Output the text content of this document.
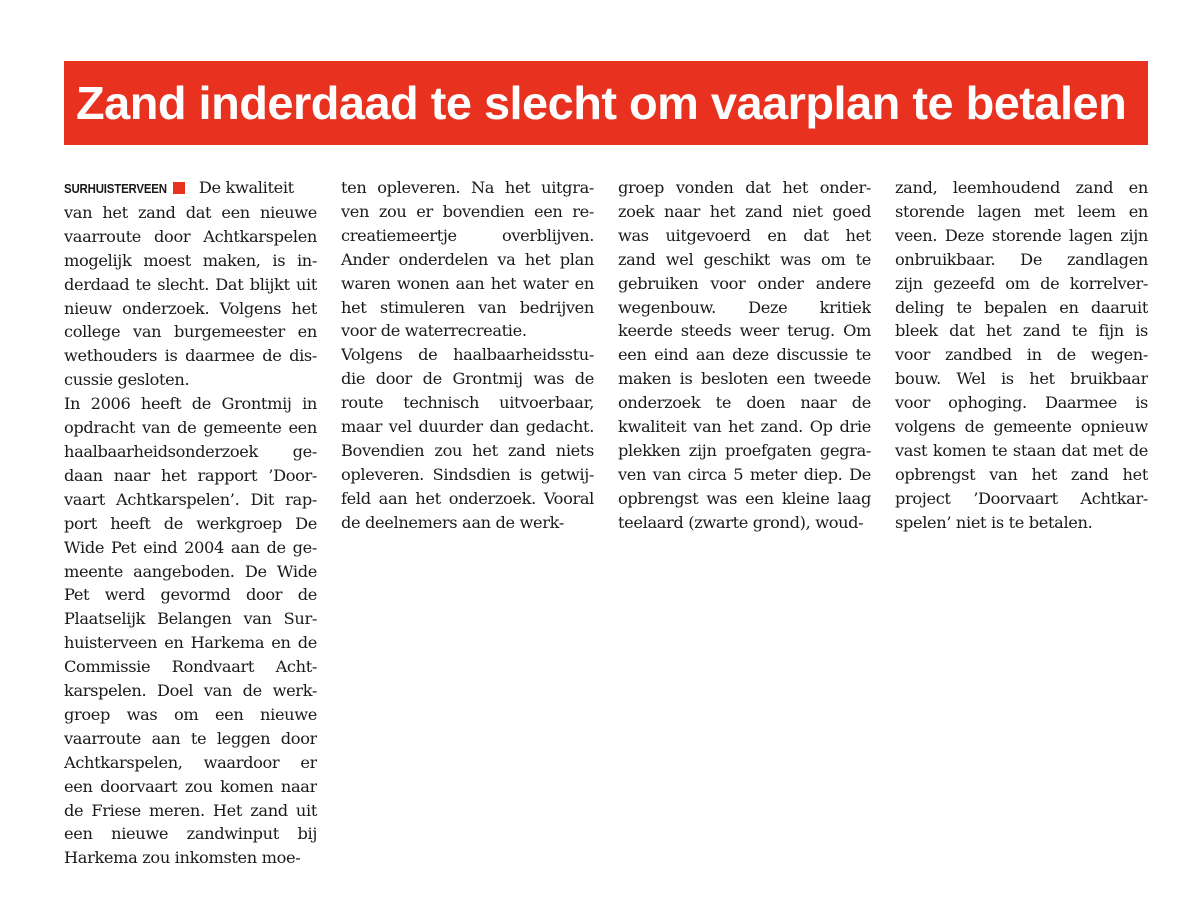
Zand inderdaad te slecht om vaarplan te betalen
SURHUISTERVEEN De kwaliteit
van het zand dat een nieuwe
vaarroute door Achtkarspelen
mogelijk moest maken, is in-
derdaad te slecht. Dat blijkt uit
nieuw onderzoek. Volgens het
college van burgemeester en
wethouders is daarmee de dis-
cussie gesloten.
In 2006 heeft de Grontmij in
opdracht van de gemeente een
haalbaarheidsonderzoek ge-
daan naar het rapport ’Door-
vaart Achtkarspelen’. Dit rap-
port heeft de werkgroep De
Wide Pet eind 2004 aan de ge-
meente aangeboden. De Wide
Pet werd gevormd door de
Plaatselijk Belangen van Sur-
huisterveen en Harkema en de
Commissie Rondvaart Acht-
karspelen. Doel van de werk-
groep was om een nieuwe
vaarroute aan te leggen door
Achtkarspelen, waardoor er
een doorvaart zou komen naar
de Friese meren. Het zand uit
een nieuwe zandwinput bij
Harkema zou inkomsten moe-
ten opleveren. Na het uitgra-
ven zou er bovendien een re-
creatiemeertje overblijven.
Ander onderdelen va het plan
waren wonen aan het water en
het stimuleren van bedrijven
voor de waterrecreatie.
Volgens de haalbaarheidsstu-
die door de Grontmij was de
route technisch uitvoerbaar,
maar vel duurder dan gedacht.
Bovendien zou het zand niets
opleveren. Sindsdien is getwij-
feld aan het onderzoek. Vooral
de deelnemers aan de werk-
groep vonden dat het onder-
zoek naar het zand niet goed
was uitgevoerd en dat het
zand wel geschikt was om te
gebruiken voor onder andere
wegenbouw. Deze kritiek
keerde steeds weer terug. Om
een eind aan deze discussie te
maken is besloten een tweede
onderzoek te doen naar de
kwaliteit van het zand. Op drie
plekken zijn proefgaten gegra-
ven van circa 5 meter diep. De
opbrengst was een kleine laag
teelaard (zwarte grond), woud-
zand, leemhoudend zand en
storende lagen met leem en
veen. Deze storende lagen zijn
onbruikbaar. De zandlagen
zijn gezeefd om de korrelver-
deling te bepalen en daaruit
bleek dat het zand te fijn is
voor zandbed in de wegen-
bouw. Wel is het bruikbaar
voor ophoging. Daarmee is
volgens de gemeente opnieuw
vast komen te staan dat met de
opbrengst van het zand het
project ’Doorvaart Achtkar-
spelen’ niet is te betalen.
